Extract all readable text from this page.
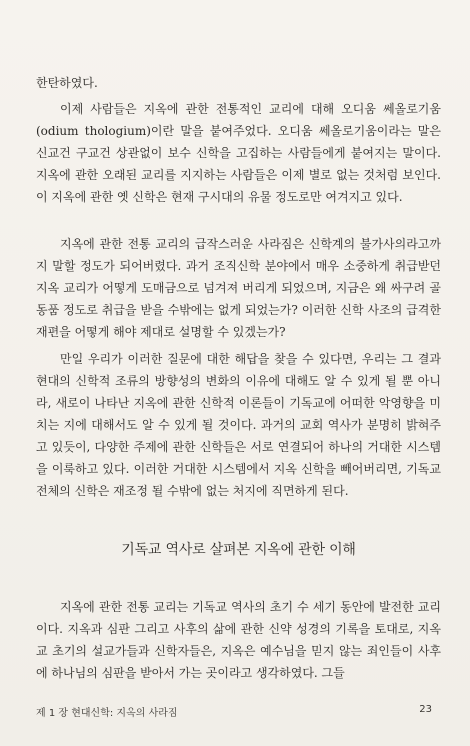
한탄하였다.
이제 사람들은 지옥에 관한 전통적인 교리에 대해 오디움 쎄올로기움 (odium thologium)이란 말을 붙여주었다. 오디움 쎄올로기움이라는 말은 신교건 구교건 상관없이 보수 신학을 고집하는 사람들에게 붙여지는 말이다. 지옥에 관한 오래된 교리를 지지하는 사람들은 이제 별로 없는 것처럼 보인다. 이 지옥에 관한 옛 신학은 현재 구시대의 유물 정도로만 여겨지고 있다.
지옥에 관한 전통 교리의 급작스러운 사라짐은 신학계의 불가사의라고까지 말할 정도가 되어버렸다. 과거 조직신학 분야에서 매우 소중하게 취급받던 지옥 교리가 어떻게 도매금으로 넘겨져 버리게 되었으며, 지금은 왜 싸구려 골동품 정도로 취급을 받을 수밖에는 없게 되었는가? 이러한 신학 사조의 급격한 재편을 어떻게 해야 제대로 설명할 수 있겠는가?
만일 우리가 이러한 질문에 대한 해답을 찾을 수 있다면, 우리는 그 결과 현대의 신학적 조류의 방향성의 변화의 이유에 대해도 알 수 있게 될 뿐 아니라, 새로이 나타난 지옥에 관한 신학적 이론들이 기독교에 어떠한 악영향을 미치는 지에 대해서도 알 수 있게 될 것이다. 과거의 교회 역사가 분명히 밝혀주고 있듯이, 다양한 주제에 관한 신학들은 서로 연결되어 하나의 거대한 시스템을 이룩하고 있다. 이러한 거대한 시스템에서 지옥 신학을 빼어버리면, 기독교 전체의 신학은 재조정 될 수밖에 없는 처지에 직면하게 된다.
기독교 역사로 살펴본 지옥에 관한 이해
지옥에 관한 전통 교리는 기독교 역사의 초기 수 세기 동안에 발전한 교리이다. 지옥과 심판 그리고 사후의 삶에 관한 신약 성경의 기록을 토대로, 지옥교 초기의 설교가들과 신학자들은, 지옥은 예수님을 믿지 않는 죄인들이 사후에 하나님의 심판을 받아서 가는 곳이라고 생각하였다. 그들
제 1 장 현대신학: 지옥의 사라짐	23
